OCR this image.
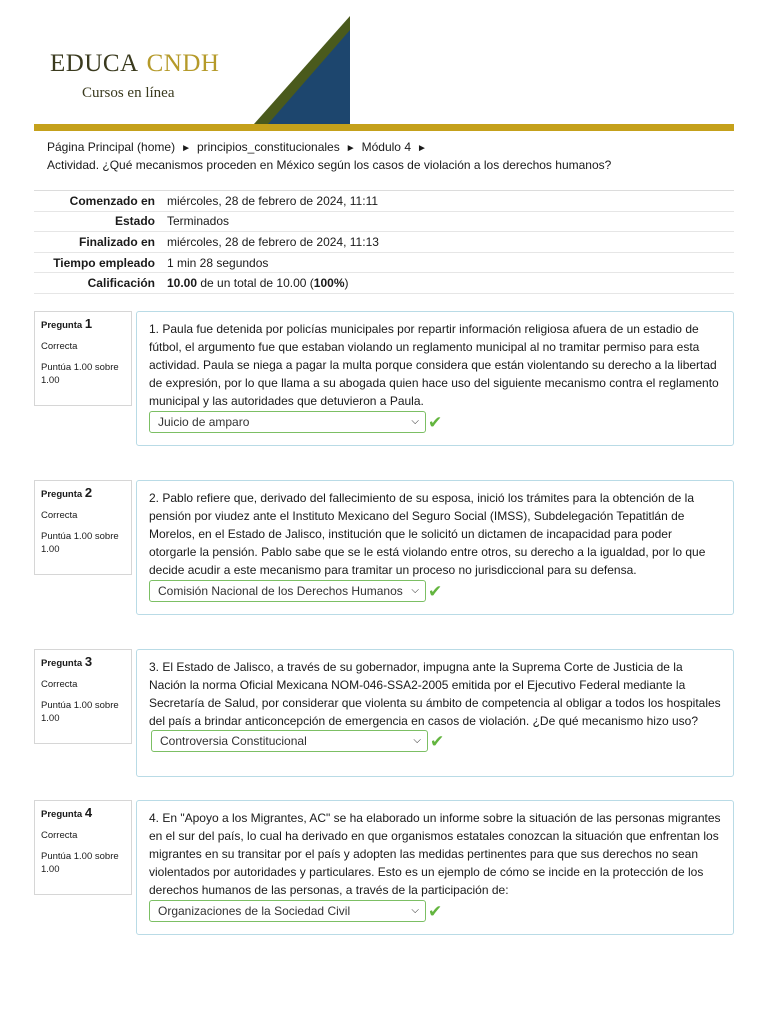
EDUCA CNDH
Cursos en línea
Página Principal (home) ► principios_constitucionales ► Módulo 4 ►
Actividad. ¿Qué mecanismos proceden en México según los casos de violación a los derechos humanos?
Comenzado en	miércoles, 28 de febrero de 2024, 11:11
Estado	Terminados
Finalizado en	miércoles, 28 de febrero de 2024, 11:13
Tiempo empleado	1 min 28 segundos
Calificación	10.00 de un total de 10.00 (100%)
Pregunta 1
Correcta
Puntúa 1.00 sobre 1.00
1. Paula fue detenida por policías municipales por repartir información religiosa afuera de un estadio de fútbol, el argumento fue que estaban violando un reglamento municipal al no tramitar permiso para esta actividad. Paula se niega a pagar la multa porque considera que están violentando su derecho a la libertad de expresión, por lo que llama a su abogada quien hace uso del siguiente mecanismo contra el reglamento municipal y las autoridades que detuvieron a Paula.
Juicio de amparo	⌵ ✔
Pregunta 2
Correcta
Puntúa 1.00 sobre 1.00
2. Pablo refiere que, derivado del fallecimiento de su esposa, inició los trámites para la obtención de la pensión por viudez ante el Instituto Mexicano del Seguro Social (IMSS), Subdelegación Tepatitlán de Morelos, en el Estado de Jalisco, institución que le solicitó un dictamen de incapacidad para poder otorgarle la pensión. Pablo sabe que se le está violando entre otros, su derecho a la igualdad, por lo que decide acudir a este mecanismo para tramitar un proceso no jurisdiccional para su defensa.
Comisión Nacional de los Derechos Humanos ⌵ ✔
Pregunta 3
Correcta
Puntúa 1.00 sobre 1.00
3. El Estado de Jalisco, a través de su gobernador, impugna ante la Suprema Corte de Justicia de la Nación la norma Oficial Mexicana NOM-046-SSA2-2005 emitida por el Ejecutivo Federal mediante la Secretaría de Salud, por considerar que violenta su ámbito de competencia al obligar a todos los hospitales del país a brindar anticoncepción de emergencia en casos de violación. ¿De qué mecanismo hizo uso?
Controversia Constitucional	⌵ ✔
Pregunta 4
Correcta
Puntúa 1.00 sobre 1.00
4. En "Apoyo a los Migrantes, AC" se ha elaborado un informe sobre la situación de las personas migrantes en el sur del país, lo cual ha derivado en que organismos estatales conozcan la situación que enfrentan los migrantes en su transitar por el país y adopten las medidas pertinentes para que sus derechos no sean violentados por autoridades y particulares. Esto es un ejemplo de cómo se incide en la protección de los derechos humanos de las personas, a través de la participación de:
Organizaciones de la Sociedad Civil	⌵ ✔
